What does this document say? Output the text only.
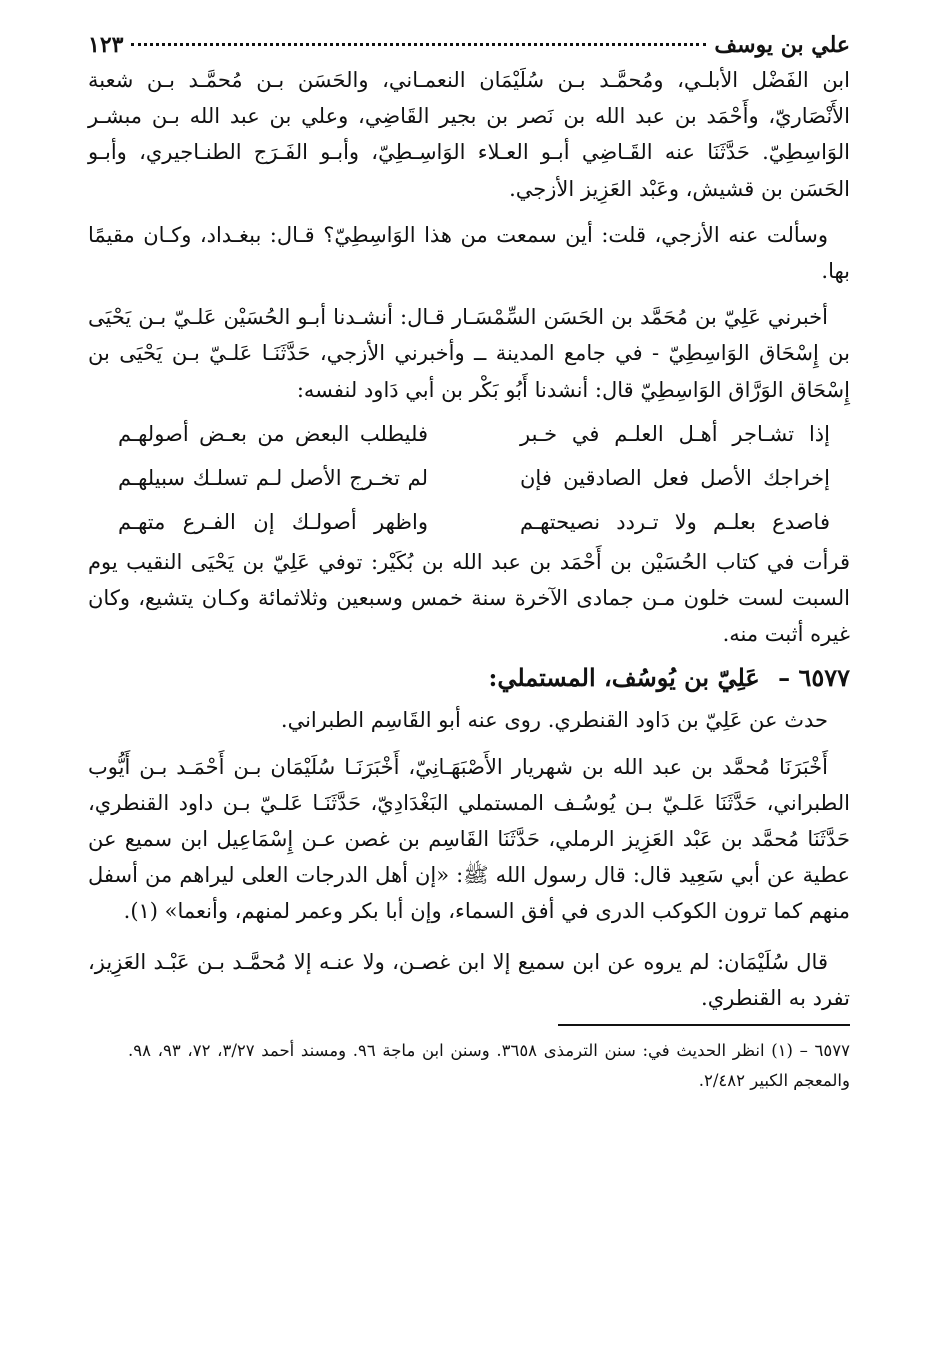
علي بن يوسف
١٢٣

ابن الفَضْل الأبلـي، ومُحمَّـد بـن سُلَيْمَان النعمـاني، والحَسَن بـن مُحمَّـد بـن شعبة الأَنْصَاريّ، وأَحْمَد بن عبد الله بن نَصر بن بجير القَاضِي، وعلي بن عبد الله بـن مبشـر الوَاسِطِيّ. حَدَّثَنَا عنه القَـاضِي أبـو العـلاء الوَاسِـطِيّ، وأبـو الفَـرَج الطنـاجيري، وأبـو الحَسَن بن قشيش، وعَبْد العَزِيز الأزجي.

وسألت عنه الأزجي، قلت: أين سمعت من هذا الوَاسِطِيّ؟ قـال: ببغـداد، وكـان مقيمًا بها.

أخبرني عَلِيّ بن مُحَمَّد بن الحَسَن السِّمْسَـار قـال: أنشـدنا أبـو الحُسَيْن عَلـيّ بـن يَحْيَى بن إِسْحَاق الوَاسِطِيّ - في جامع المدينة ــ وأخبرني الأزجي، حَدَّثَنَـا عَلـيّ بـن يَحْيَى بن إِسْحَاق الوَرَّاق الوَاسِطِيّ قال: أنشدنا أَبُو بَكْر بن أبي دَاود لنفسه:

إذا تشـاجر أهـل العلـم في خـبر
فليطلب البعض من بعـض أصولهـم
إخراجك الأصل فعل الصادقين فإن
لم تخـرج الأصل لـم تسلـك سبيلهـم
فاصدع بعلـم ولا تـردد نصيحتهـم
واظهر أصولـك إن الفـرع متهـم

قرأت في كتاب الحُسَيْن بن أَحْمَد بن عبد الله بن بُكَيْر: توفي عَلِيّ بن يَحْيَى النقيب يوم السبت لست خلون مـن جمادى الآخرة سنة خمس وسبعين وثلاثمائة وكـان يتشيع، وكان غيره أثبت منه.

٦٥٧٧ – عَلِيّ بن يُوسُف، المستملي:

حدث عن عَلِيّ بن دَاود القنطري. روى عنه أبو القَاسِم الطبراني.

أَخْبَرَنَا مُحمَّد بن عبد الله بن شهريار الأَصْبَهَـانِيّ، أَخْبَرَنَـا سُلَيْمَان بـن أَحْمَـد بـن أَيُّوب الطبراني، حَدَّثَنَا عَلـيّ بـن يُوسُـف المستملي البَغْدَادِيّ، حَدَّثَنَـا عَلـيّ بـن داود القنطري، حَدَّثَنَا مُحمَّد بن عَبْد العَزِيز الرملي، حَدَّثَنَا القَاسِم بن غصن عـن إِسْمَاعِيل ابن سميع عن عطية عن أبي سَعِيد قال: قال رسول الله ﷺ: «إن أهل الدرجات العلى ليراهم من أسفل منهم كما ترون الكوكب الدرى في أفق السماء، وإن أبا بكر وعمر لمنهم، وأنعما» (١).

قال سُلَيْمَان: لم يروه عن ابن سميع إلا ابن غصـن، ولا عنـه إلا مُحمَّـد بـن عَبْـد العَزِيز، تفرد به القنطري.

٦٥٧٧ – (١) انظر الحديث في: سنن الترمذى ٣٦٥٨. وسنن ابن ماجة ٩٦. ومسند أحمد ٣/٢٧، ٧٢، ٩٣، ٩٨. والمعجم الكبير ٢/٤٨٢.
